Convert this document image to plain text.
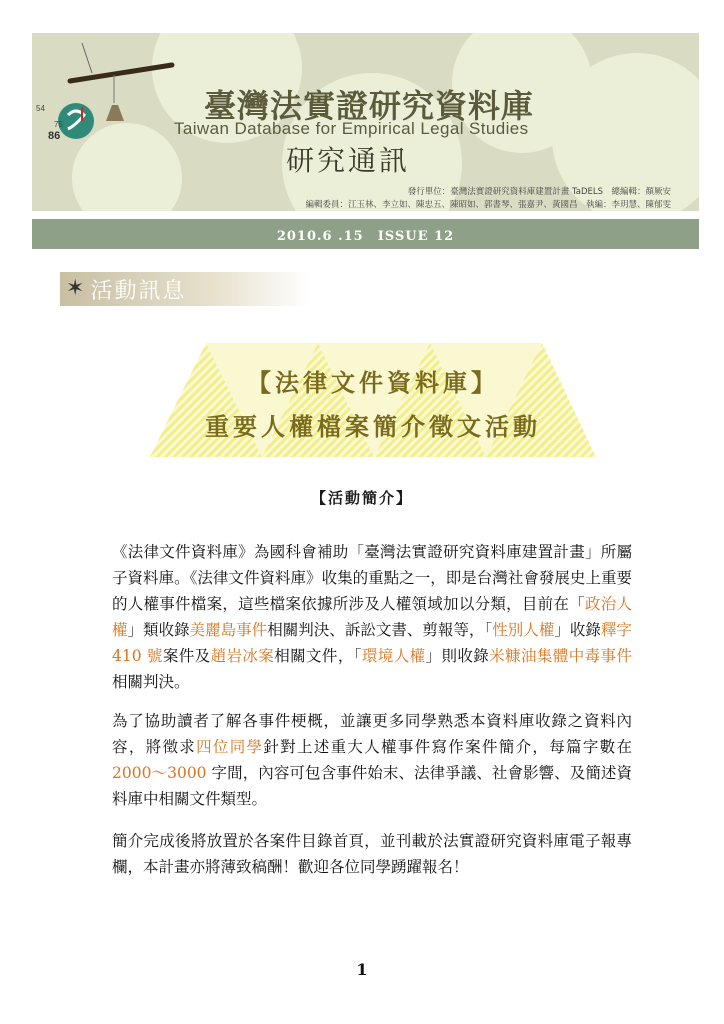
54
75
86
臺灣法實證研究資料庫
Taiwan Database for Empirical Legal Studies
研究通訊
發行單位：臺灣法實證研究資料庫建置計畫 TaDELS　總編輯：顏厥安
編輯委員：江玉林、李立如、陳忠五、陳昭如、郭書琴、張嘉尹、黃國昌　執編：李玥慧、陳郁雯
2010.6 .15　ISSUE 12
✶ 活動訊息
【法律文件資料庫】
重要人權檔案簡介徵文活動
【活動簡介】
《法律文件資料庫》為國科會補助「臺灣法實證研究資料庫建置計畫」所屬子資料庫。《法律文件資料庫》收集的重點之一，即是台灣社會發展史上重要的人權事件檔案，這些檔案依據所涉及人權領域加以分類，目前在「政治人權」類收錄美麗島事件相關判決、訴訟文書、剪報等，「性別人權」收錄釋字 410 號案件及趙岩冰案相關文件，「環境人權」則收錄米糠油集體中毒事件相關判決。
為了協助讀者了解各事件梗概，並讓更多同學熟悉本資料庫收錄之資料內容，將徵求四位同學針對上述重大人權事件寫作案件簡介，每篇字數在 2000～3000 字間，內容可包含事件始末、法律爭議、社會影響、及簡述資料庫中相關文件類型。
簡介完成後將放置於各案件目錄首頁，並刊載於法實證研究資料庫電子報專欄，本計畫亦將薄致稿酬！歡迎各位同學踴躍報名！
1
